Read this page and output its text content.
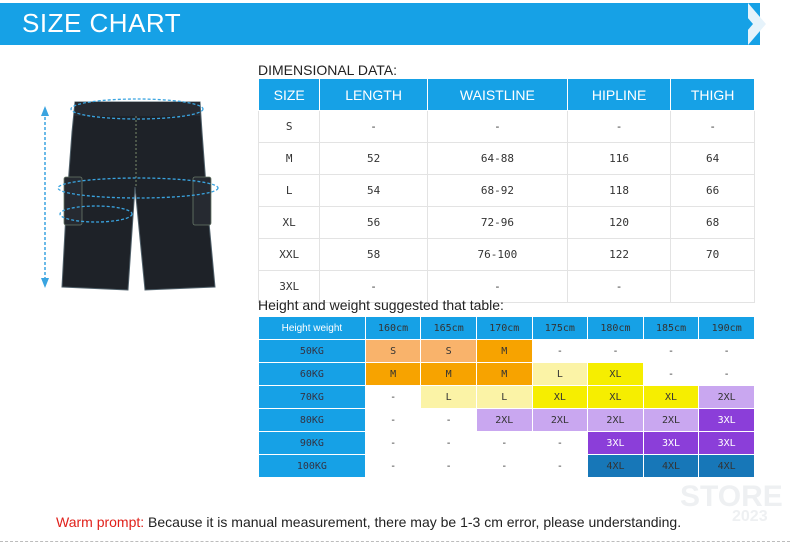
SIZE CHART
DIMENSIONAL DATA:
SIZE	LENGTH	WAISTLINE	HIPLINE	THIGH
S	-	-	-	-
M	52	64-88	116	64
L	54	68-92	118	66
XL	56	72-96	120	68
XXL	58	76-100	122	70
3XL	-	-	-	
Height and weight suggested that table:
Height weight	160cm	165cm	170cm	175cm	180cm	185cm	190cm
50KG	S	S	M	-	-	-	-
60KG	M	M	M	L	XL	-	-
70KG	-	L	L	XL	XL	XL	2XL
80KG	-	-	2XL	2XL	2XL	2XL	3XL
90KG	-	-	-	-	3XL	3XL	3XL
100KG	-	-	-	-	4XL	4XL	4XL
STORE
2023
Warm prompt: Because it is manual measurement, there may be 1-3 cm error, please understanding.
